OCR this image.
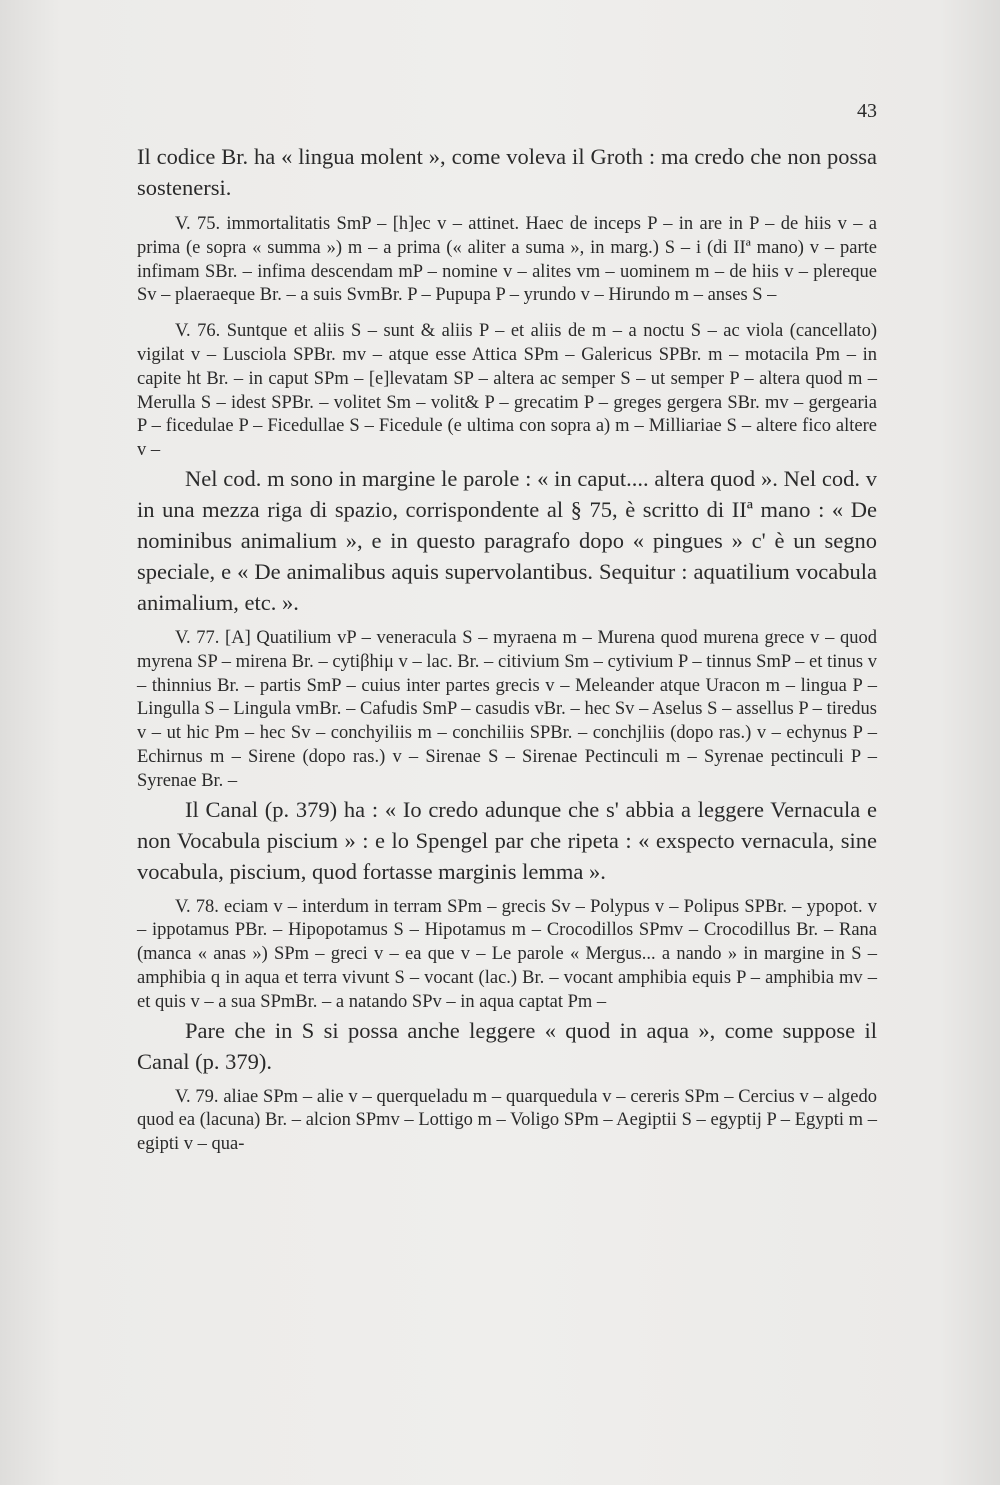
43

Il codice Br. ha « lingua molent », come voleva il Groth : ma credo che non possa sostenersi.

V. 75. immortalitatis SmP – [h]ec v – attinet. Haec de inceps P – in are in P – de hiis v – a prima (e sopra « summa ») m – a prima (« aliter a suma », in marg.) S – i (di IIª mano) v – parte infimam SBr. – infima descendam mP – nomine v – alites vm – uominem m – de hiis v – plereque Sv – plaeraeque Br. – a suis SvmBr. P – Pupupa P – yrundo v – Hirundo m – anses S –

V. 76. Suntque et aliis S – sunt & aliis P – et aliis de m – a noctu S – ac viola (cancellato) vigilat v – Lusciola SPBr. mv – atque esse Attica SPm – Galericus SPBr. m – motacila Pm – in capite ht Br. – in caput SPm – [e]levatam SP – altera ac semper S – ut semper P – altera quod m – Merulla S – idest SPBr. – volitet Sm – volit& P – grecatim P – greges gergera SBr. mv – gergearia P – ficedulae P – Ficedullae S – Ficedule (e ultima con sopra a) m – Milliariae S – altere fico altere v –

Nel cod. m sono in margine le parole : « in caput.... altera quod ». Nel cod. v in una mezza riga di spazio, corrispondente al § 75, è scritto di IIª mano : « De nominibus animalium », e in questo paragrafo dopo « pingues » c' è un segno speciale, e « De animalibus aquis supervolantibus. Sequitur : aquatilium vocabula animalium, etc. ».

V. 77. [A] Quatilium vP – veneracula S – myraena m – Murena quod murena grece v – quod myrena SP – mirena Br. – cytiβhiμ v – lac. Br. – citivium Sm – cytivium P – tinnus SmP – et tinus v – thinnius Br. – partis SmP – cuius inter partes grecis v – Meleander atque Uracon m – lingua P – Lingulla S – Lingula vmBr. – Cafudis SmP – casudis vBr. – hec Sv – Aselus S – assellus P – tiredus v – ut hic Pm – hec Sv – conchyiliis m – conchiliis SPBr. – conchjliis (dopo ras.) v – echynus P – Echirnus m – Sirene (dopo ras.) v – Sirenae S – Sirenae Pectinculi m – Syrenae pectinculi P – Syrenae Br. –

Il Canal (p. 379) ha : « Io credo adunque che s' abbia a leggere Vernacula e non Vocabula piscium » : e lo Spengel par che ripeta : « exspecto vernacula, sine vocabula, piscium, quod fortasse marginis lemma ».

V. 78. eciam v – interdum in terram SPm – grecis Sv – Polypus v – Polipus SPBr. – ypopot. v – ippotamus PBr. – Hipopotamus S – Hipotamus m – Crocodillos SPmv – Crocodillus Br. – Rana (manca « anas ») SPm – greci v – ea que v – Le parole « Mergus... a nando » in margine in S – amphibia q in aqua et terra vivunt S – vocant (lac.) Br. – vocant amphibia equis P – amphibia mv – et quis v – a sua SPmBr. – a natando SPv – in aqua captat Pm –

Pare che in S si possa anche leggere « quod in aqua », come suppose il Canal (p. 379).

V. 79. aliae SPm – alie v – querqueladu m – quarquedula v – cereris SPm – Cercius v – algedo quod ea (lacuna) Br. – alcion SPmv – Lottigo m – Voligo SPm – Aegiptii S – egyptij P – Egypti m – egipti v – qua-
